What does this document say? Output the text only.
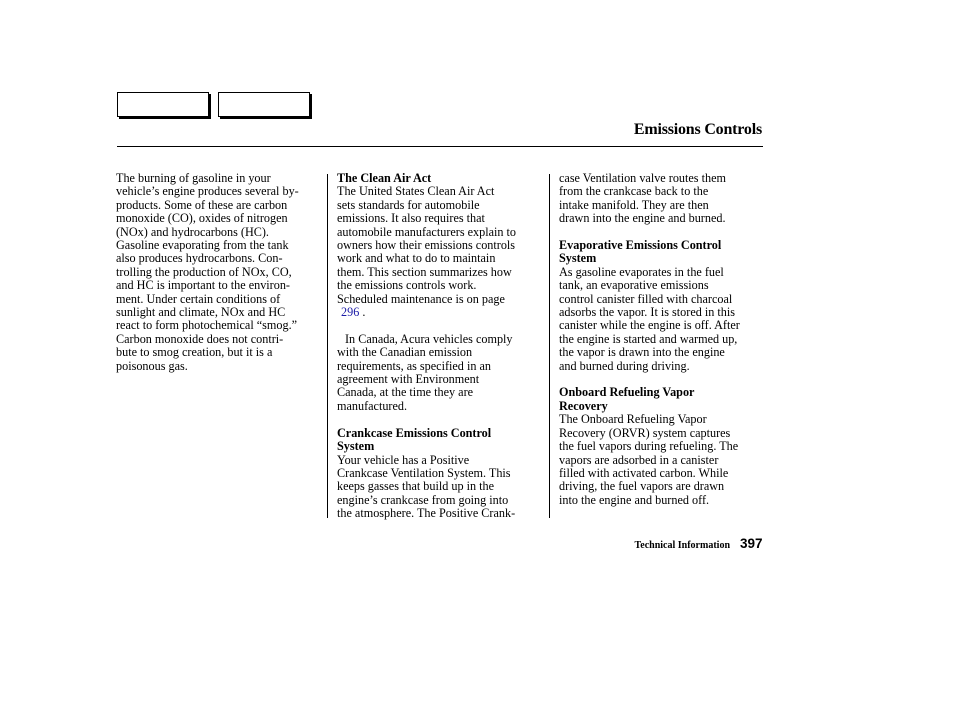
Emissions Controls

The burning of gasoline in your
vehicle’s engine produces several by-
products. Some of these are carbon
monoxide (CO), oxides of nitrogen
(NOx) and hydrocarbons (HC).
Gasoline evaporating from the tank
also produces hydrocarbons. Con-
trolling the production of NOx, CO,
and HC is important to the environ-
ment. Under certain conditions of
sunlight and climate, NOx and HC
react to form photochemical “smog.”
Carbon monoxide does not contri-
bute to smog creation, but it is a
poisonous gas.

The Clean Air Act

The United States Clean Air Act
sets standards for automobile
emissions. It also requires that
automobile manufacturers explain to
owners how their emissions controls
work and what to do to maintain
them. This section summarizes how
the emissions controls work.
Scheduled maintenance is on page
296 .

In Canada, Acura vehicles comply
with the Canadian emission
requirements, as specified in an
agreement with Environment
Canada, at the time they are
manufactured.

Crankcase Emissions Control
System

Your vehicle has a Positive
Crankcase Ventilation System. This
keeps gasses that build up in the
engine’s crankcase from going into
the atmosphere. The Positive Crank-

case Ventilation valve routes them
from the crankcase back to the
intake manifold. They are then
drawn into the engine and burned.

Evaporative Emissions Control
System

As gasoline evaporates in the fuel
tank, an evaporative emissions
control canister filled with charcoal
adsorbs the vapor. It is stored in this
canister while the engine is off. After
the engine is started and warmed up,
the vapor is drawn into the engine
and burned during driving.

Onboard Refueling Vapor
Recovery

The Onboard Refueling Vapor
Recovery (ORVR) system captures
the fuel vapors during refueling. The
vapors are adsorbed in a canister
filled with activated carbon. While
driving, the fuel vapors are drawn
into the engine and burned off.

Technical Information 397
